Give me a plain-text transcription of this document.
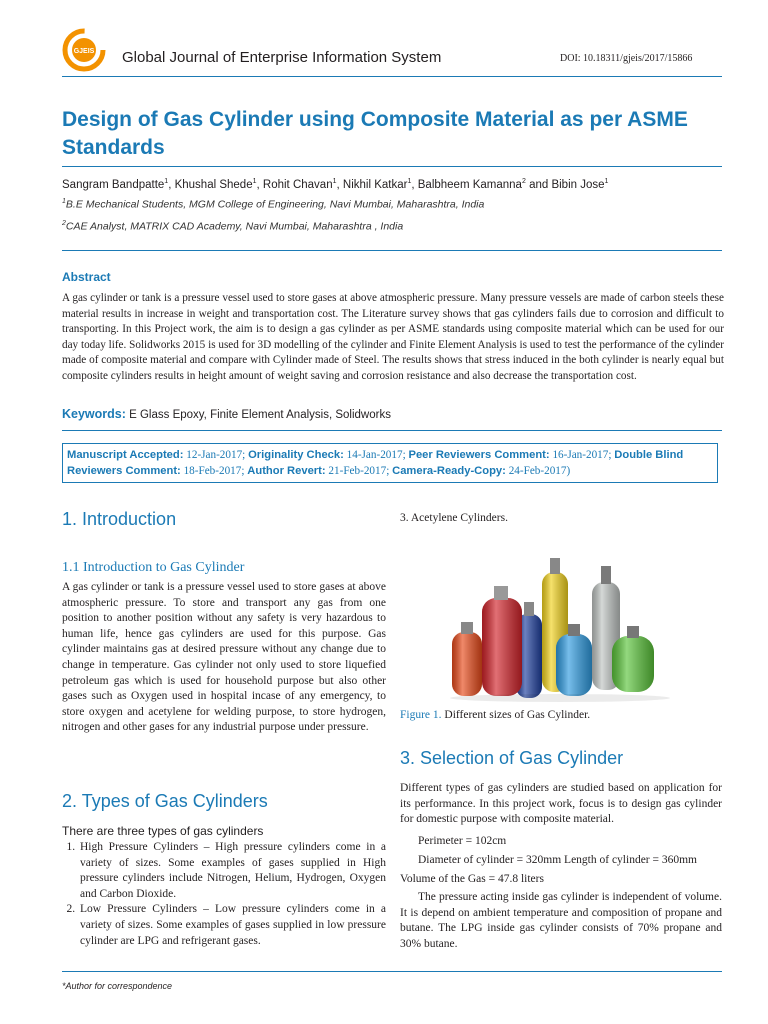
GJEIS Global Journal of Enterprise Information System	DOI: 10.18311/gjeis/2017/15866
Design of Gas Cylinder using Composite Material as per ASME Standards
Sangram Bandpatte$^1$, Khushal Shede$^1$, Rohit Chavan$^1$, Nikhil Katkar$^1$, Balbheem Kamanna$^2$ and Bibin Jose$^1$
$^1$B.E Mechanical Students, MGM College of Engineering, Navi Mumbai, Maharashtra, India
$^2$CAE Analyst, MATRIX CAD Academy, Navi Mumbai, Maharashtra , India
Abstract
A gas cylinder or tank is a pressure vessel used to store gases at above atmospheric pressure. Many pressure vessels are made of carbon steels these material results in increase in weight and transportation cost. The Literature survey shows that gas cylinders fails due to corrosion and difficult to transporting. In this Project work, the aim is to design a gas cylinder as per ASME standards using composite material which can be used for our day today life. Solidworks 2015 is used for 3D modelling of the cylinder and Finite Element Analysis is used to test the performance of the cylinder made of composite material and compare with Cylinder made of Steel. The results shows that stress induced in the both cylinder is nearly equal but composite cylinders results in height amount of weight saving and corrosion resistance and also decrease the transportation cost.
Keywords: E Glass Epoxy, Finite Element Analysis, Solidworks
Manuscript Accepted: 12-Jan-2017; Originality Check: 14-Jan-2017; Peer Reviewers Comment: 16-Jan-2017; Double Blind Reviewers Comment: 18-Feb-2017; Author Revert: 21-Feb-2017; Camera-Ready-Copy: 24-Feb-2017)
1. Introduction
1.1 Introduction to Gas Cylinder
A gas cylinder or tank is a pressure vessel used to store gases at above atmospheric pressure. To store and transport any gas from one position to another position without any safety is very hazardous to human life, hence gas cylinders are used for this purpose. Gas cylinder maintains gas at desired pressure without any change due to change in temperature. Gas cylinder not only used to store liquefied petroleum gas which is used for household purpose but also other gases such as Oxygen used in hospital incase of any emergency, to store oxygen and acetylene for welding purpose, to store hydrogen, nitrogen and other gases for any industrial purpose under pressure.
2. Types of Gas Cylinders
There are three types of gas cylinders
1. High Pressure Cylinders – High pressure cylinders come in a variety of sizes. Some examples of gases supplied in High pressure cylinders include Nitrogen, Helium, Hydrogen, Oxygen and Carbon Dioxide.
2. Low Pressure Cylinders – Low pressure cylinders come in a variety of sizes. Some examples of gases supplied in low pressure cylinder are LPG and refrigerant gases.
3. Acetylene Cylinders.
Figure 1. Different sizes of Gas Cylinder.
3. Selection of Gas Cylinder
Different types of gas cylinders are studied based on application for its performance. In this project work, focus is to design gas cylinder for domestic purpose with composite material.
Perimeter = 102cm
Diameter of cylinder = 320mm Length of cylinder = 360mm
Volume of the Gas = 47.8 liters
The pressure acting inside gas cylinder is independent of volume. It is depend on ambient temperature and composition of propane and butane. The LPG inside gas cylinder consists of 70% propane and 30% butane.
*Author for correspondence
